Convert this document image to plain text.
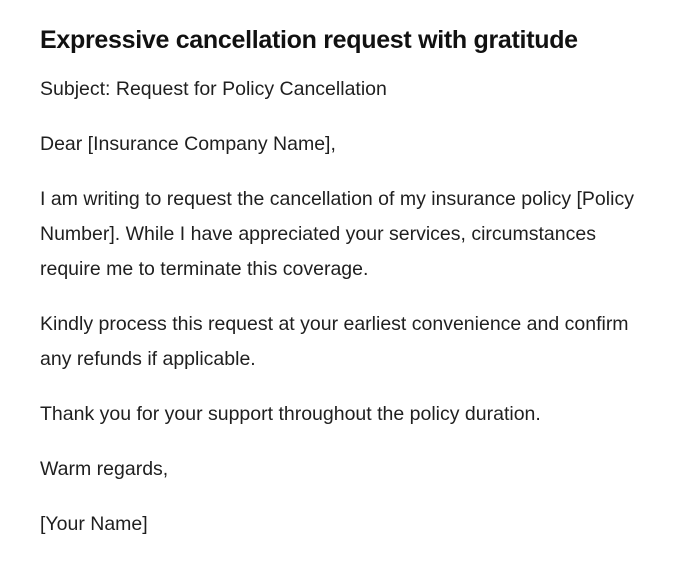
Expressive cancellation request with gratitude

Subject: Request for Policy Cancellation

Dear [Insurance Company Name],

I am writing to request the cancellation of my insurance policy [Policy Number]. While I have appreciated your services, circumstances require me to terminate this coverage.

Kindly process this request at your earliest convenience and confirm any refunds if applicable.

Thank you for your support throughout the policy duration.

Warm regards,

[Your Name]
